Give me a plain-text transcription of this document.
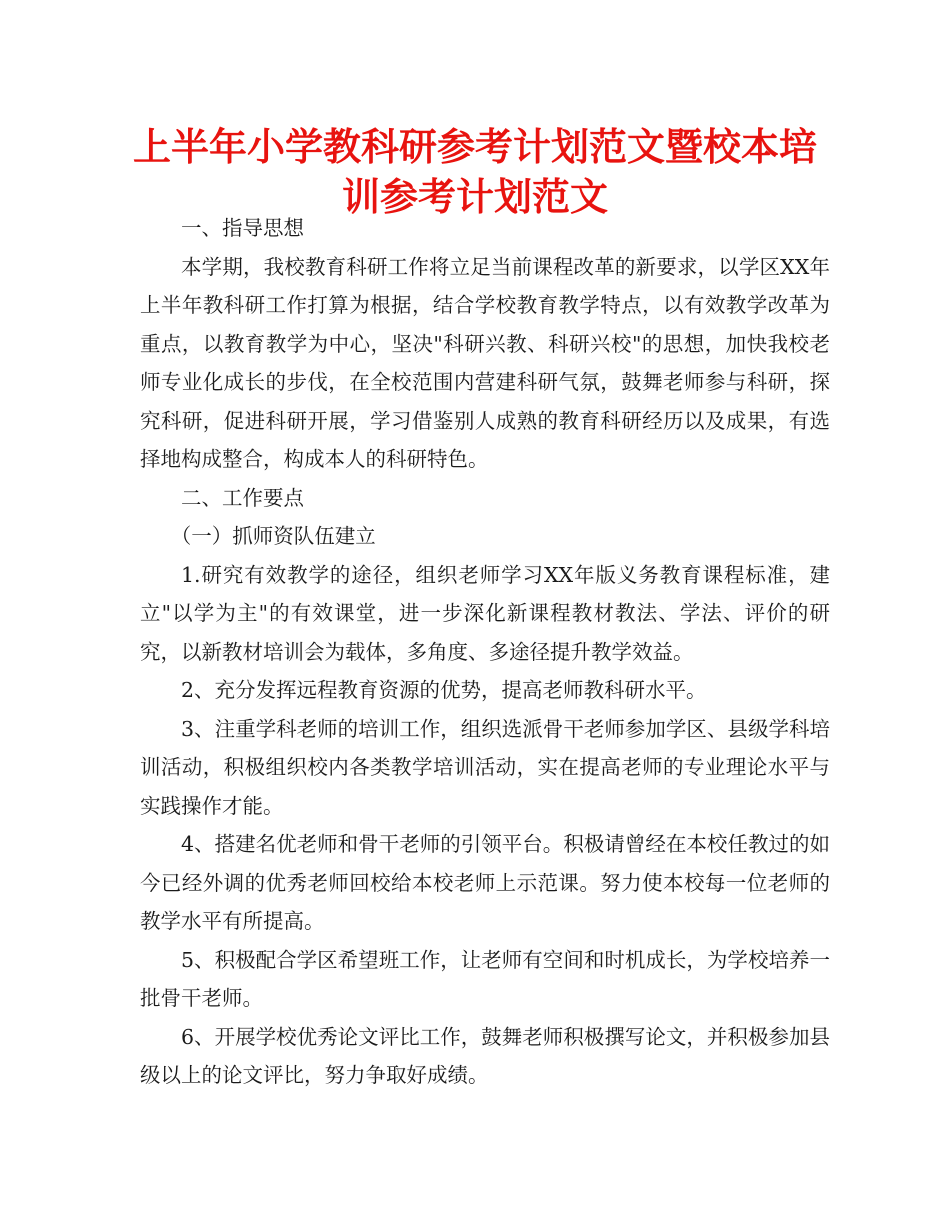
上半年小学教科研参考计划范文暨校本培
训参考计划范文

一、指导思想

本学期，我校教育科研工作将立足当前课程改革的新要求，以学区XX年上半年教科研工作打算为根据，结合学校教育教学特点，以有效教学改革为重点，以教育教学为中心，坚决"科研兴教、科研兴校"的思想，加快我校老师专业化成长的步伐，在全校范围内营建科研气氛，鼓舞老师参与科研，探究科研，促进科研开展，学习借鉴别人成熟的教育科研经历以及成果，有选择地构成整合，构成本人的科研特色。

二、工作要点

（一）抓师资队伍建立

1.研究有效教学的途径，组织老师学习XX年版义务教育课程标准，建立"以学为主"的有效课堂，进一步深化新课程教材教法、学法、评价的研究，以新教材培训会为载体，多角度、多途径提升教学效益。

2、充分发挥远程教育资源的优势，提高老师教科研水平。

3、注重学科老师的培训工作，组织选派骨干老师参加学区、县级学科培训活动，积极组织校内各类教学培训活动，实在提高老师的专业理论水平与实践操作才能。

4、搭建名优老师和骨干老师的引领平台。积极请曾经在本校任教过的如今已经外调的优秀老师回校给本校老师上示范课。努力使本校每一位老师的教学水平有所提高。

5、积极配合学区希望班工作，让老师有空间和时机成长，为学校培养一批骨干老师。

6、开展学校优秀论文评比工作，鼓舞老师积极撰写论文，并积极参加县级以上的论文评比，努力争取好成绩。
